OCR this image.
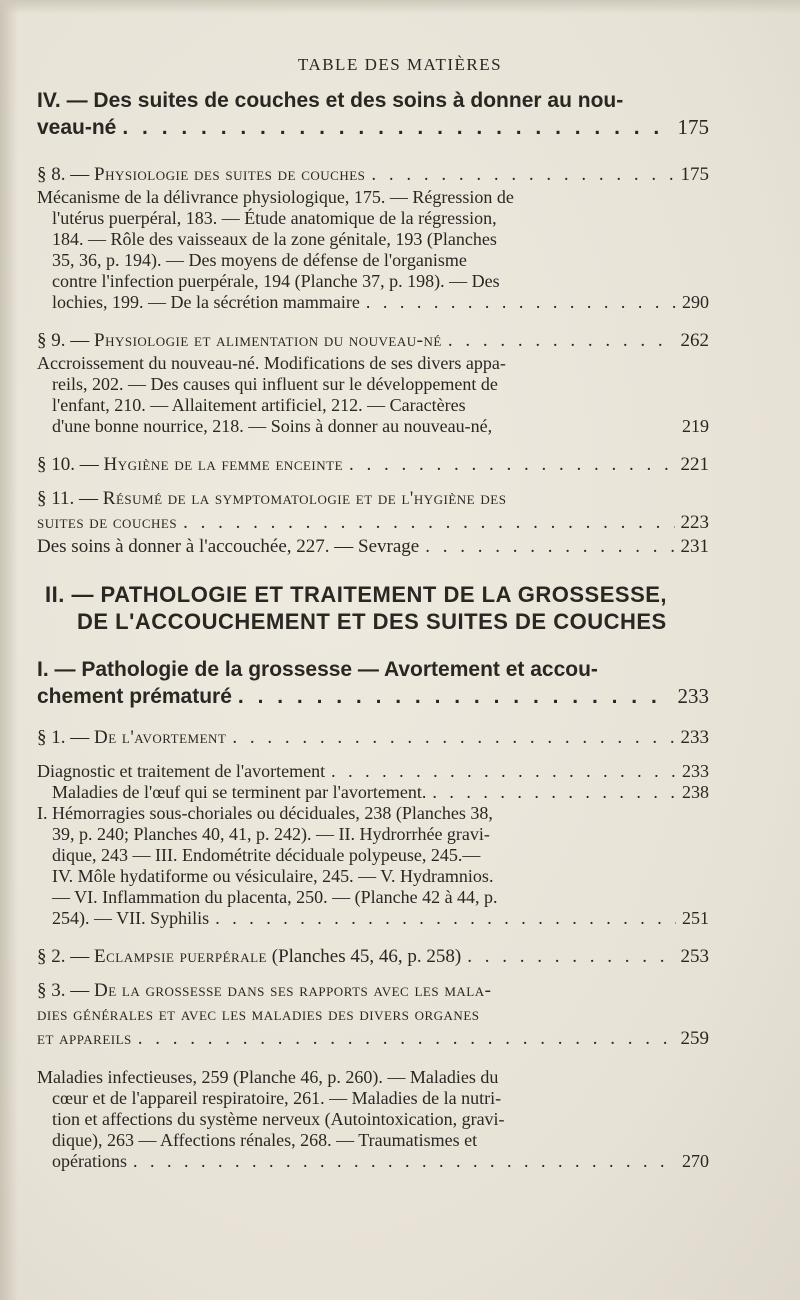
TABLE DES MATIÈRES
IV. — Des suites de couches et des soins à donner au nou-
veau-né . . .	175
§ 8. — Physiologie des suites de couches . . .	175
Mécanisme de la délivrance physiologique, 175. — Régression de
l'utérus puerpéral, 183. — Étude anatomique de la régression,
184. — Rôle des vaisseaux de la zone génitale, 193 (Planches
35, 36, p. 194). — Des moyens de défense de l'organisme
contre l'infection puerpérale, 194 (Planche 37, p. 198). — Des
lochies, 199. — De la sécrétion mammaire . . .	290
§ 9. — Physiologie et alimentation du nouveau-né . . .	262
Accroissement du nouveau-né. Modifications de ses divers appa-
reils, 202. — Des causes qui influent sur le développement de
l'enfant, 210. — Allaitement artificiel, 212. — Caractères
d'une bonne nourrice, 218. — Soins à donner au nouveau-né,	219
§ 10. — Hygiène de la femme enceinte . . .	221
§ 11. — Résumé de la symptomatologie et de l'hygiène des
suites de couches . . .	223
Des soins à donner à l'accouchée, 227. — Sevrage . . .	231
II. — PATHOLOGIE ET TRAITEMENT DE LA GROSSESSE,
DE L'ACCOUCHEMENT ET DES SUITES DE COUCHES
I. — Pathologie de la grossesse — Avortement et accou-
chement prématuré . . .	233
§ 1. — De l'avortement . . .	233
Diagnostic et traitement de l'avortement . . .	233
Maladies de l'œuf qui se terminent par l'avortement. . . .	238
I. Hémorragies sous-choriales ou déciduales, 238 (Planches 38,
39, p. 240; Planches 40, 41, p. 242). — II. Hydrorrhée gravi-
dique, 243 — III. Endométrite déciduale polypeuse, 245.—
IV. Môle hydatiforme ou vésiculaire, 245. — V. Hydramnios.
— VI. Inflammation du placenta, 250. — (Planche 42 à 44, p.
254). — VII. Syphilis . . .	251
§ 2. — Eclampsie puerpérale (Planches 45, 46, p. 258) . . .	253
§ 3. — De la grossesse dans ses rapports avec les mala-
dies générales et avec les maladies des divers organes
et appareils . . .	259
Maladies infectieuses, 259 (Planche 46, p. 260). — Maladies du
cœur et de l'appareil respiratoire, 261. — Maladies de la nutri-
tion et affections du système nerveux (Autointoxication, gravi-
dique), 263 — Affections rénales, 268. — Traumatismes et
opérations . . .	270
